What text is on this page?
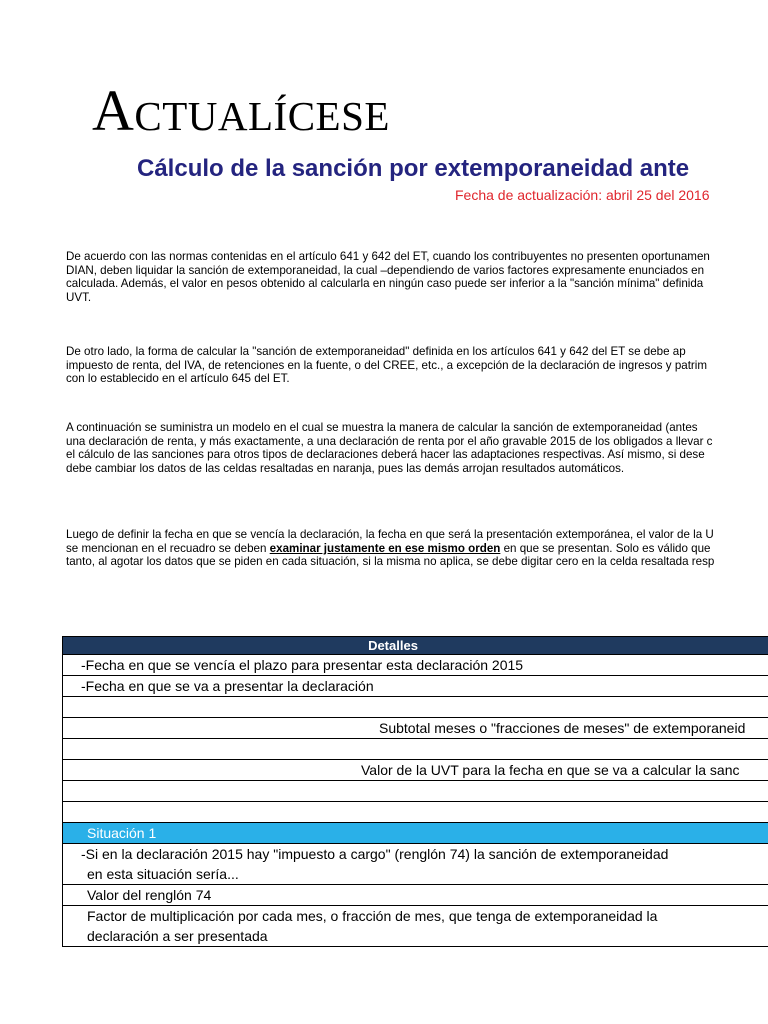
Actualícese
Cálculo de la sanción por extemporaneidad ante
Fecha de actualización: abril 25 del 2016
De acuerdo con las normas contenidas en el artículo 641 y 642 del ET, cuando los contribuyentes no presenten oportunamen
DIAN, deben liquidar la sanción de extemporaneidad, la cual –dependiendo de varios factores expresamente enunciados en
calculada. Además, el valor en pesos obtenido al calcularla en ningún caso puede ser inferior a la "sanción mínima" definida
UVT.
De otro lado, la forma de calcular la "sanción de extemporaneidad" definida en los artículos 641 y 642 del ET se debe ap
impuesto de renta, del IVA, de retenciones en la fuente, o del CREE, etc., a excepción de la declaración de ingresos y patrim
con lo establecido en el artículo 645 del ET.
A continuación se suministra un modelo en el cual se muestra la manera de calcular la sanción de extemporaneidad (antes
una declaración de renta, y más exactamente, a una declaración de renta por el año gravable 2015 de los obligados a llevar c
el cálculo de las sanciones para otros tipos de declaraciones deberá hacer las adaptaciones respectivas. Así mismo, si dese
debe cambiar los datos de las celdas resaltadas en naranja, pues las demás arrojan resultados automáticos.
Luego de definir la fecha en que se vencía la declaración, la fecha en que será la presentación extemporánea, el valor de la U
se mencionan en el recuadro se deben examinar justamente en ese mismo orden en que se presentan. Solo es válido que
tanto, al agotar los datos que se piden en cada situación, si la misma no aplica, se debe digitar cero en la celda resaltada resp
Detalles
-Fecha en que se vencía el plazo para presentar esta declaración 2015
-Fecha en que se va a presentar la declaración
Subtotal meses o "fracciones de meses" de extemporaneid
Valor de la UVT para la fecha en que se va a calcular la sanc
Situación 1
-Si en la declaración 2015 hay "impuesto a cargo" (renglón 74) la sanción de extemporaneidad
en esta situación sería...
Valor del renglón 74
Factor de multiplicación por cada mes, o fracción de mes, que tenga de extemporaneidad la
declaración a ser presentada
